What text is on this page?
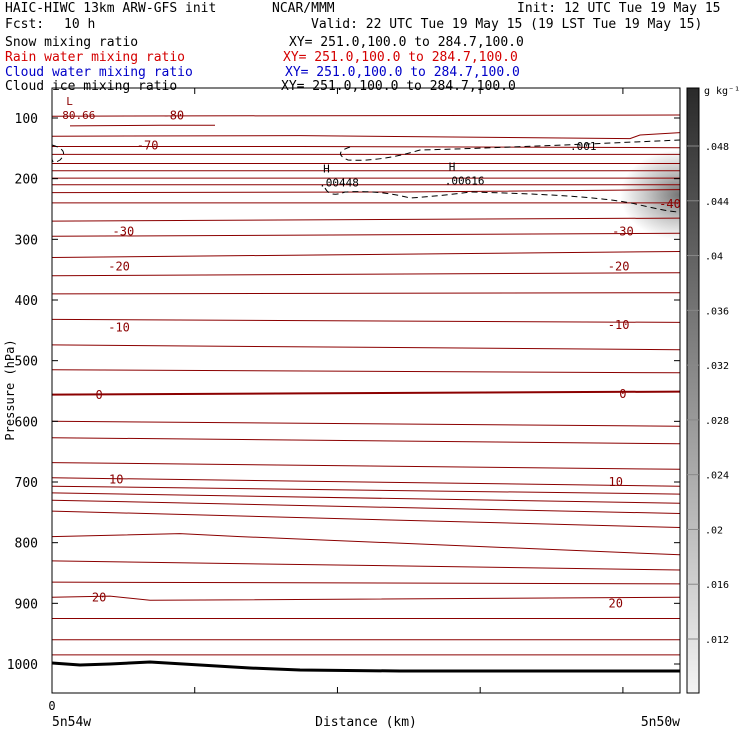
HAIC-HIWC 13km ARW-GFS init	NCAR/MMM	Init: 12 UTC Tue 19 May 15
Fcst: 10 h	Valid: 22 UTC Tue 19 May 15 (19 LST Tue 19 May 15)
Snow mixing ratio	XY= 251.0,100.0 to 284.7,100.0
Rain water mixing ratio	XY= 251.0,100.0 to 284.7,100.0
Cloud water mixing ratio	XY= 251.0,100.0 to 284.7,100.0
Cloud ice mixing ratio	XY= 251.0,100.0 to 284.7,100.0
100
200
300
400
500
600
700
800
900
1000
-80
-70
-30	-30
-20	-20
-10	-10
0	0
10	10
20	20
-40
L
80.66
H
.00448
H
.00616
.001	.048
.044
.04
.036
.032
.028
.024
.02
.016
.012
Pressure (hPa)
Distance (km)
5n54w	5n50w
0
g kg⁻¹
